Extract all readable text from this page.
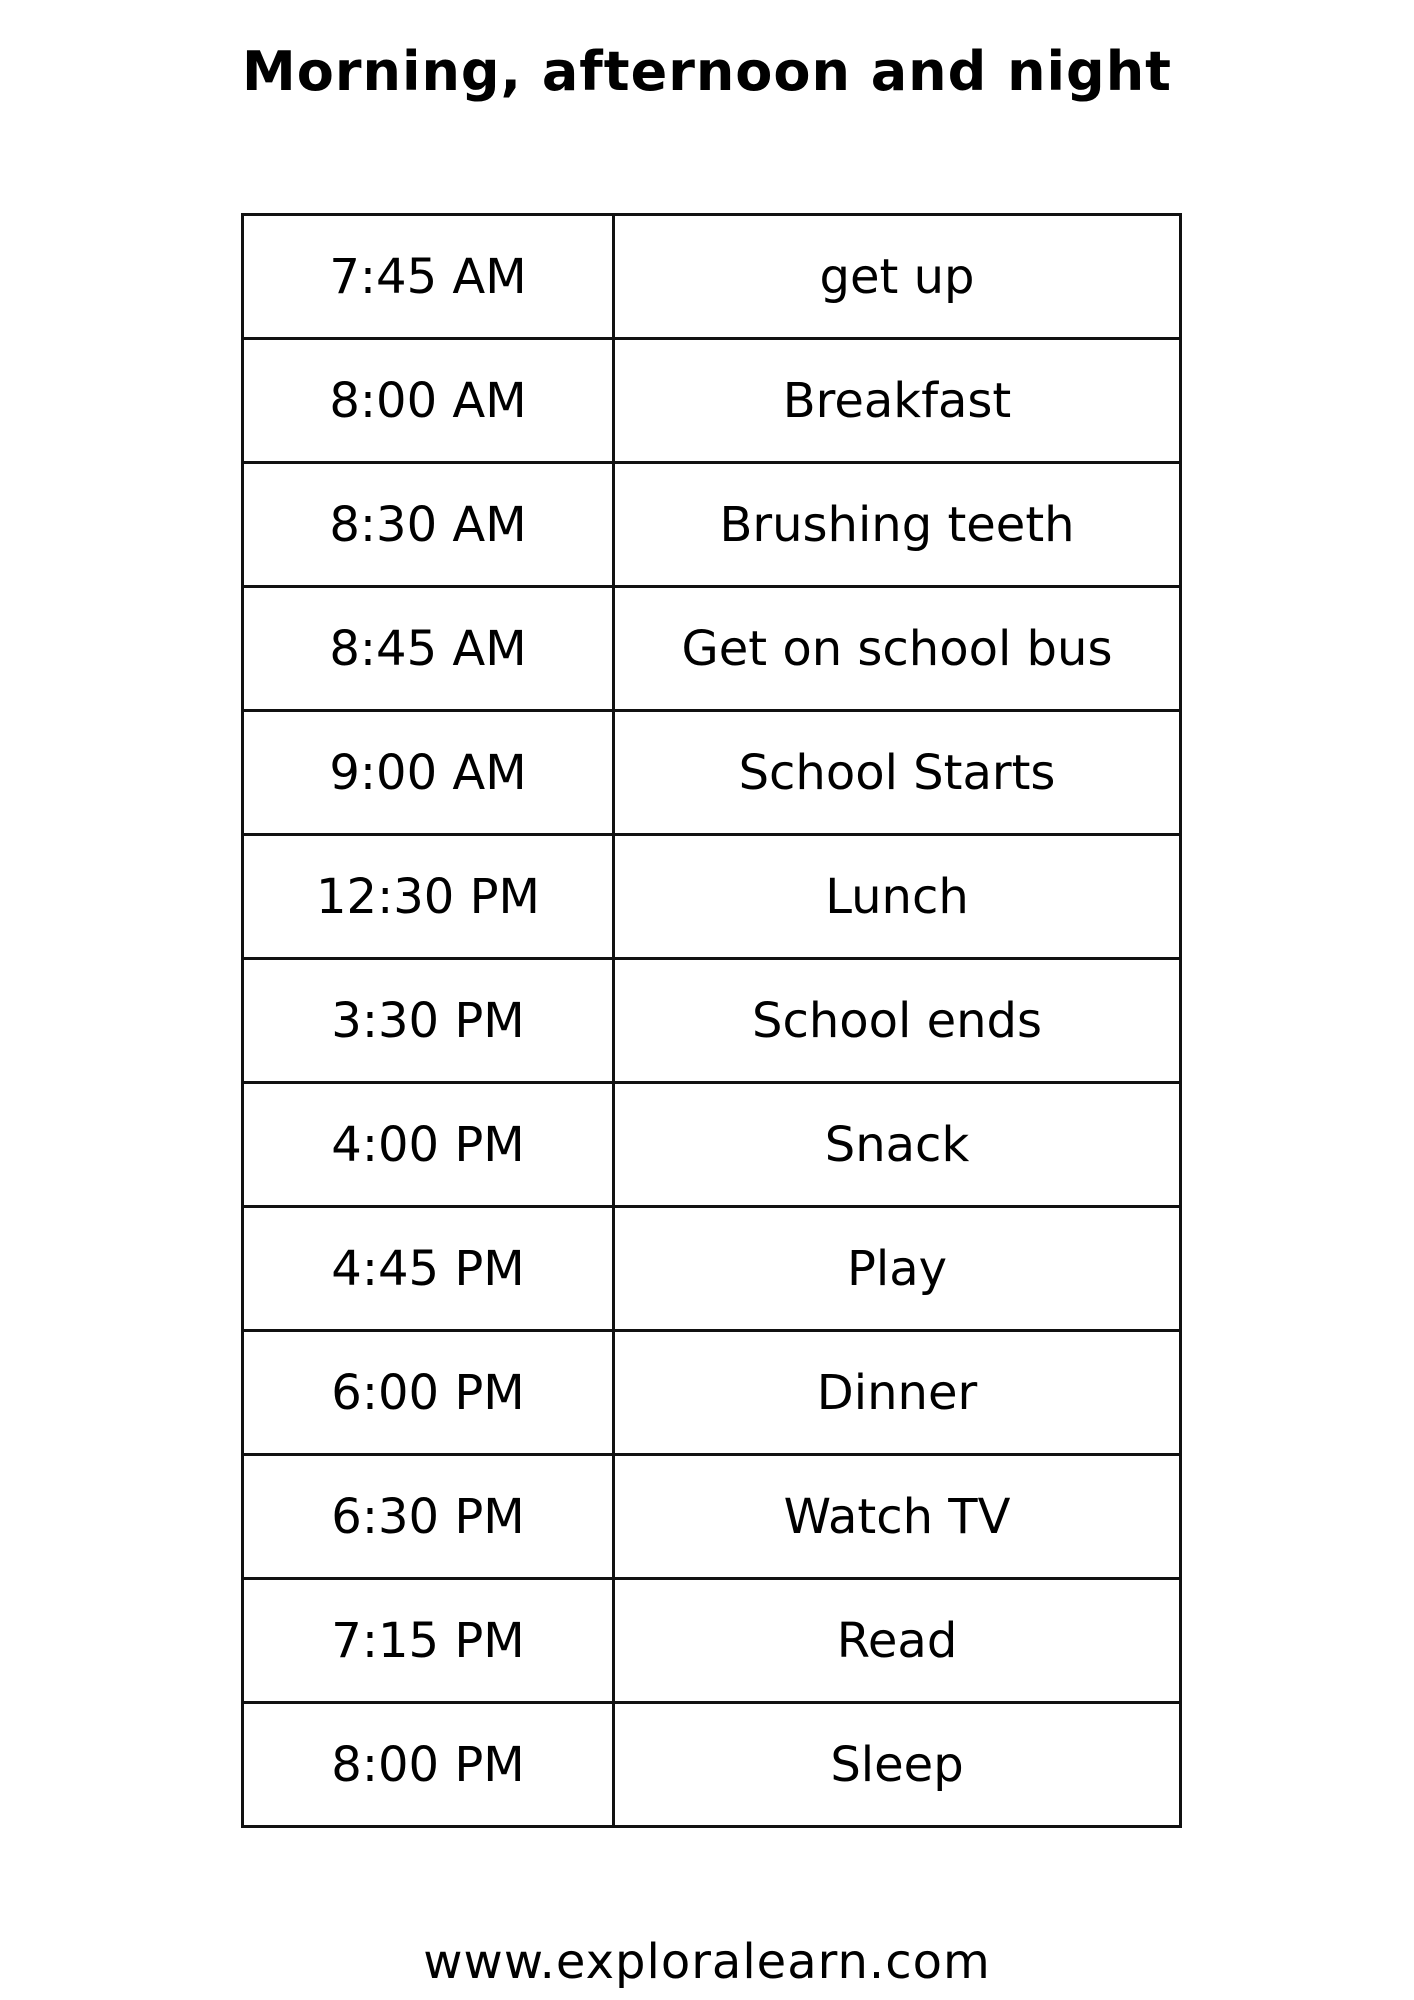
Morning, afternoon and night
7:45 AM	get up
8:00 AM	Breakfast
8:30 AM	Brushing teeth
8:45 AM	Get on school bus
9:00 AM	School Starts
12:30 PM	Lunch
3:30 PM	School ends
4:00 PM	Snack
4:45 PM	Play
6:00 PM	Dinner
6:30 PM	Watch TV
7:15 PM	Read
8:00 PM	Sleep
www.exploralearn.com
